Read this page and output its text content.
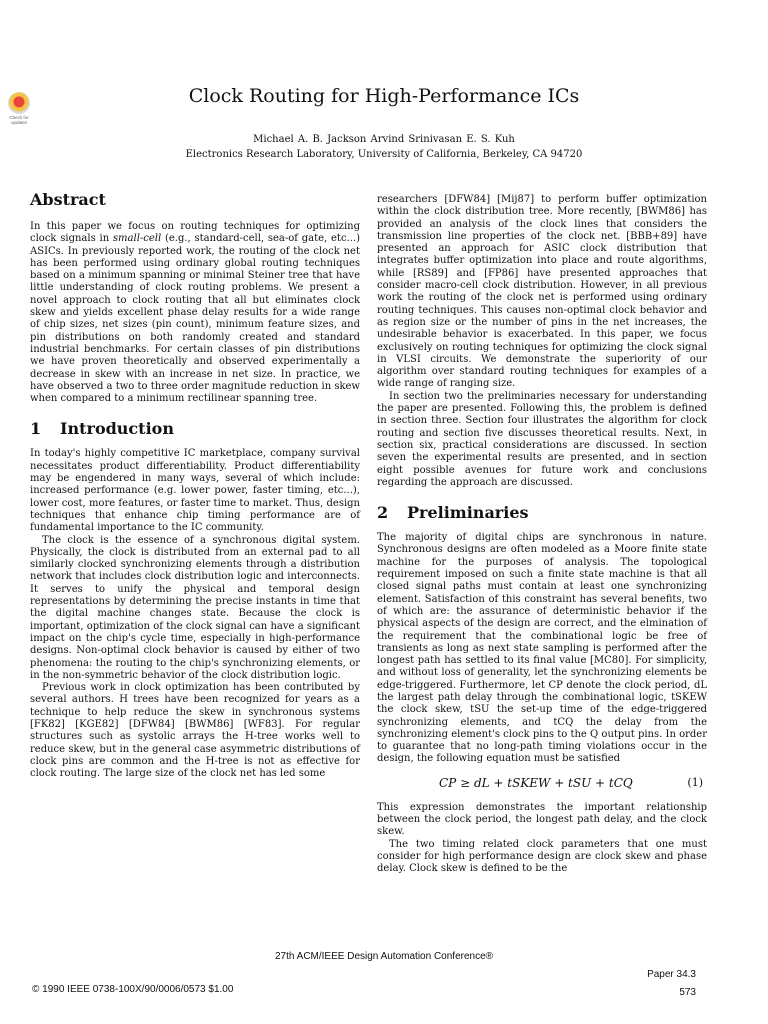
Check for updates
Clock Routing for High-Performance ICs
Michael A. B. Jackson Arvind Srinivasan E. S. Kuh
Electronics Research Laboratory, University of California, Berkeley, CA 94720
Abstract

In this paper we focus on routing techniques for optimizing clock signals in small-cell (e.g., standard-cell, sea-of gate, etc...) ASICs. In previously reported work, the routing of the clock net has been performed using ordinary global routing techniques based on a minimum spanning or minimal Steiner tree that have little understanding of clock routing problems. We present a novel approach to clock routing that all but eliminates clock skew and yields excellent phase delay results for a wide range of chip sizes, net sizes (pin count), minimum feature sizes, and pin distributions on both randomly created and standard industrial benchmarks. For certain classes of pin distributions we have proven theoretically and observed experimentally a decrease in skew with an increase in net size. In practice, we have observed a two to three order magnitude reduction in skew when compared to a minimum rectilinear spanning tree.

1 Introduction

In today's highly competitive IC marketplace, company survival necessitates product differentiability. Product differentiability may be engendered in many ways, several of which include: increased performance (e.g. lower power, faster timing, etc...), lower cost, more features, or faster time to market. Thus, design techniques that enhance chip timing performance are of fundamental importance to the IC community.

The clock is the essence of a synchronous digital system. Physically, the clock is distributed from an external pad to all similarly clocked synchronizing elements through a distribution network that includes clock distribution logic and interconnects. It serves to unify the physical and temporal design representations by determining the precise instants in time that the digital machine changes state. Because the clock is important, optimization of the clock signal can have a significant impact on the chip's cycle time, especially in high-performance designs. Non-optimal clock behavior is caused by either of two phenomena: the routing to the chip's synchronizing elements, or in the non-symmetric behavior of the clock distribution logic.

Previous work in clock optimization has been contributed by several authors. H trees have been recognized for years as a technique to help reduce the skew in synchronous systems [FK82] [KGE82] [DFW84] [BWM86] [WF83]. For regular structures such as systolic arrays the H-tree works well to reduce skew, but in the general case asymmetric distributions of clock pins are common and the H-tree is not as effective for clock routing. The large size of the clock net has led some

researchers [DFW84] [Mij87] to perform buffer optimization within the clock distribution tree. More recently, [BWM86] has provided an analysis of the clock lines that considers the transmission line properties of the clock net. [BBB+89] have presented an approach for ASIC clock distribution that integrates buffer optimization into place and route algorithms, while [RS89] and [FP86] have presented approaches that consider macro-cell clock distribution. However, in all previous work the routing of the clock net is performed using ordinary routing techniques. This causes non-optimal clock behavior and as region size or the number of pins in the net increases, the undesirable behavior is exacerbated. In this paper, we focus exclusively on routing techniques for optimizing the clock signal in VLSI circuits. We demonstrate the superiority of our algorithm over standard routing techniques for examples of a wide range of ranging size.

In section two the preliminaries necessary for understanding the paper are presented. Following this, the problem is defined in section three. Section four illustrates the algorithm for clock routing and section five discusses theoretical results. Next, in section six, practical considerations are discussed. In section seven the experimental results are presented, and in section eight possible avenues for future work and conclusions regarding the approach are discussed.

2 Preliminaries

The majority of digital chips are synchronous in nature. Synchronous designs are often modeled as a Moore finite state machine for the purposes of analysis. The topological requirement imposed on such a finite state machine is that all closed signal paths must contain at least one synchronizing element. Satisfaction of this constraint has several benefits, two of which are: the assurance of deterministic behavior if the physical aspects of the design are correct, and the elmination of the requirement that the combinational logic be free of transients as long as next state sampling is performed after the longest path has settled to its final value [MC80]. For simplicity, and without loss of generality, let the synchronizing elements be edge-triggered. Furthermore, let CP denote the clock period, dL the largest path delay through the combinational logic, tSKEW the clock skew, tSU the set-up time of the edge-triggered synchronizing elements, and tCQ the delay from the synchronizing element's clock pins to the Q output pins. In order to guarantee that no long-path timing violations occur in the design, the following equation must be satisfied

CP ≥ dL + tSKEW + tSU + tCQ	(1)

This expression demonstrates the important relationship between the clock period, the longest path delay, and the clock skew.

The two timing related clock parameters that one must consider for high performance design are clock skew and phase delay. Clock skew is defined to be the

27th ACM/IEEE Design Automation Conference®
© 1990 IEEE 0738-100X/90/0006/0573 $1.00
Paper 34.3
573
